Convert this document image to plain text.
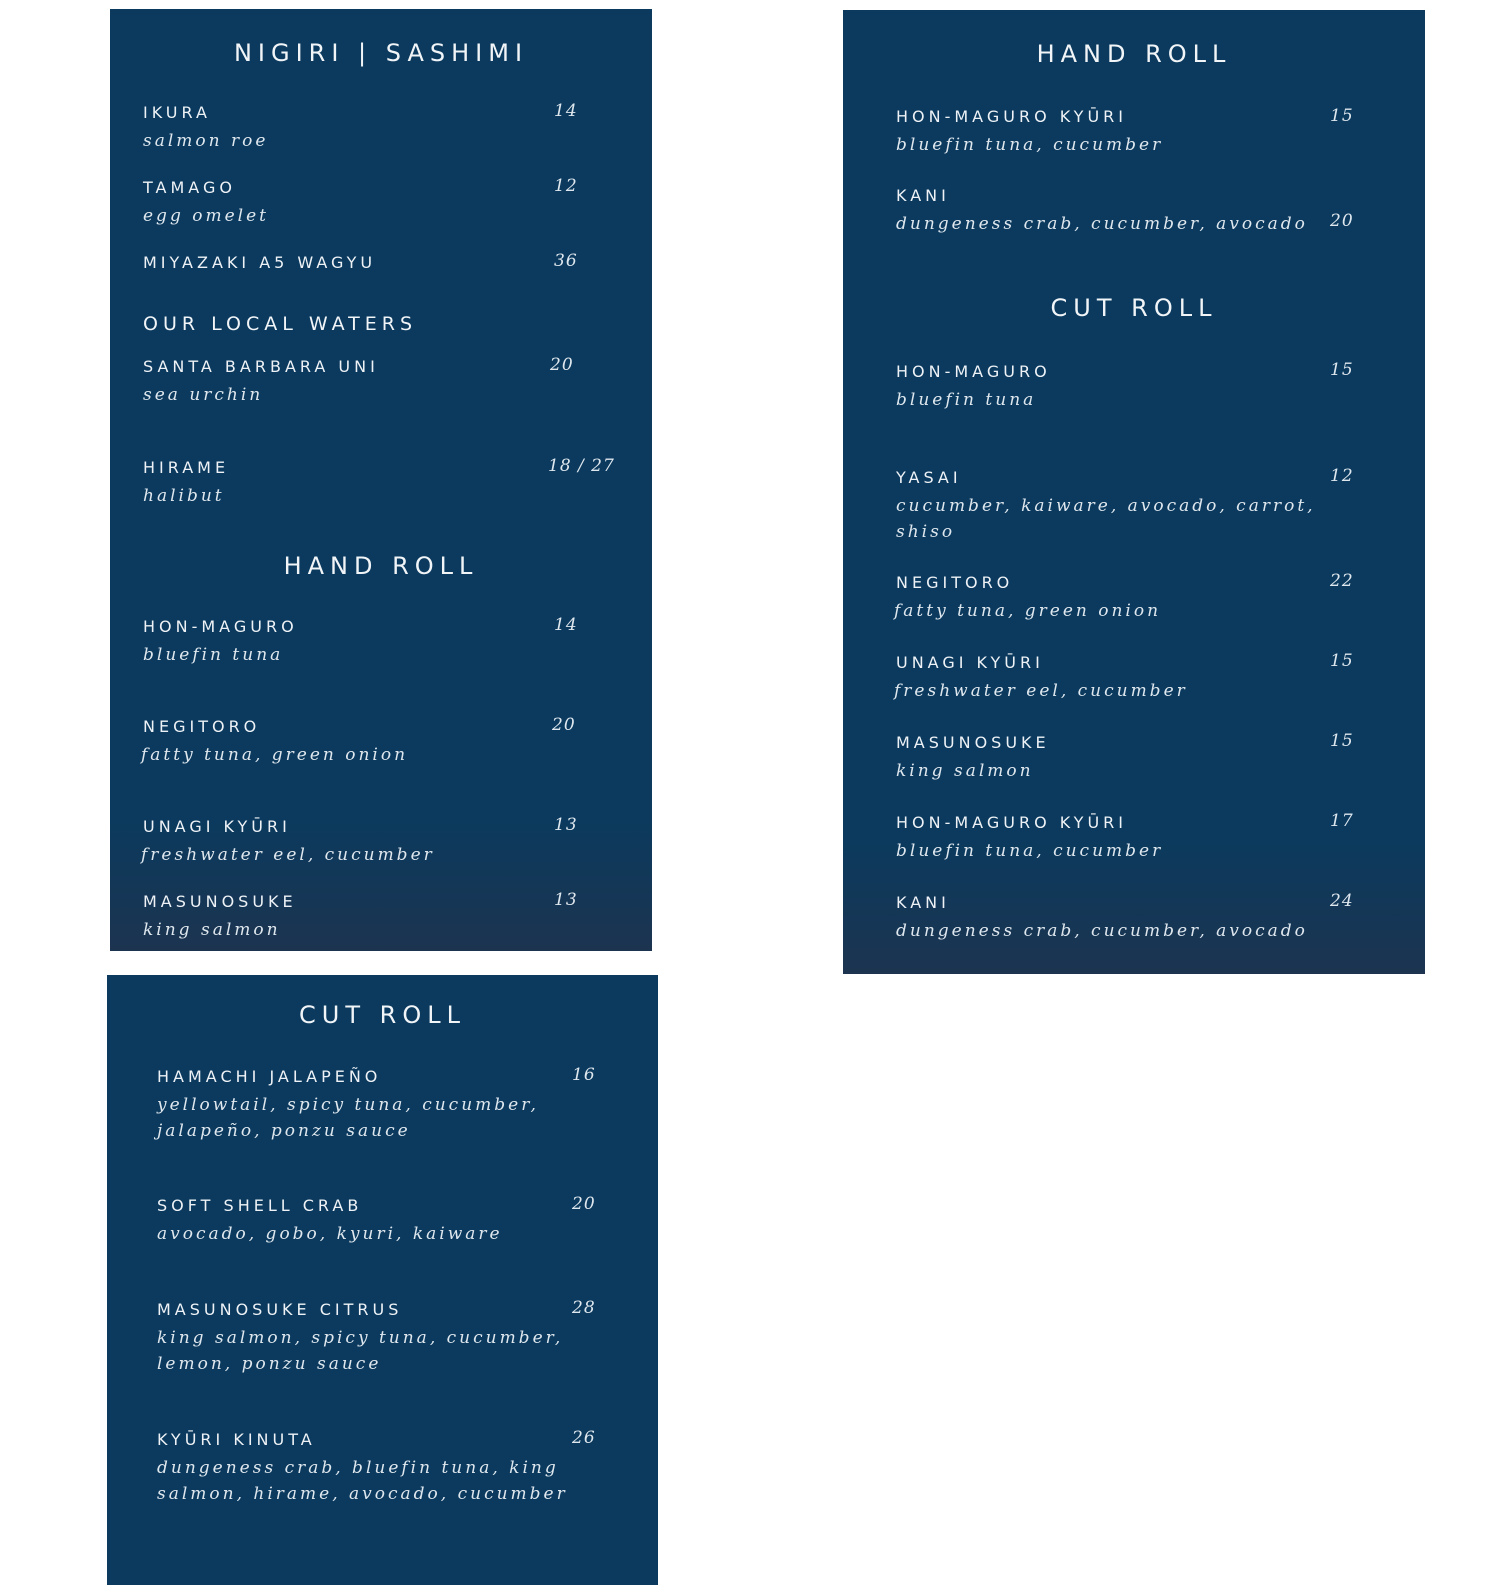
NIGIRI | SASHIMI
IKURA
salmon roe
14
TAMAGO
egg omelet
12
MIYAZAKI A5 WAGYU	36
OUR LOCAL WATERS
SANTA BARBARA UNI
sea urchin
20
HIRAME
halibut
18 / 27
HAND ROLL
HON-MAGURO
bluefin tuna
14
NEGITORO
fatty tuna, green onion
20
UNAGI KYŪRI
freshwater eel, cucumber
13
MASUNOSUKE
king salmon
13
HAND ROLL
HON-MAGURO KYŪRI
bluefin tuna, cucumber
15
KANI
dungeness crab, cucumber, avocado 20
CUT ROLL
HON-MAGURO
bluefin tuna
15
YASAI
cucumber, kaiware, avocado, carrot,
shiso
12
NEGITORO
fatty tuna, green onion
22
UNAGI KYŪRI
freshwater eel, cucumber
15
MASUNOSUKE
king salmon
15
HON-MAGURO KYŪRI
bluefin tuna, cucumber
17
KANI
dungeness crab, cucumber, avocado
24
CUT ROLL
HAMACHI JALAPEÑO
yellowtail, spicy tuna, cucumber,
jalapeño, ponzu sauce
16
SOFT SHELL CRAB
avocado, gobo, kyuri, kaiware
20
MASUNOSUKE CITRUS
king salmon, spicy tuna, cucumber,
lemon, ponzu sauce
28
KYŪRI KINUTA
dungeness crab, bluefin tuna, king
salmon, hirame, avocado, cucumber
26
